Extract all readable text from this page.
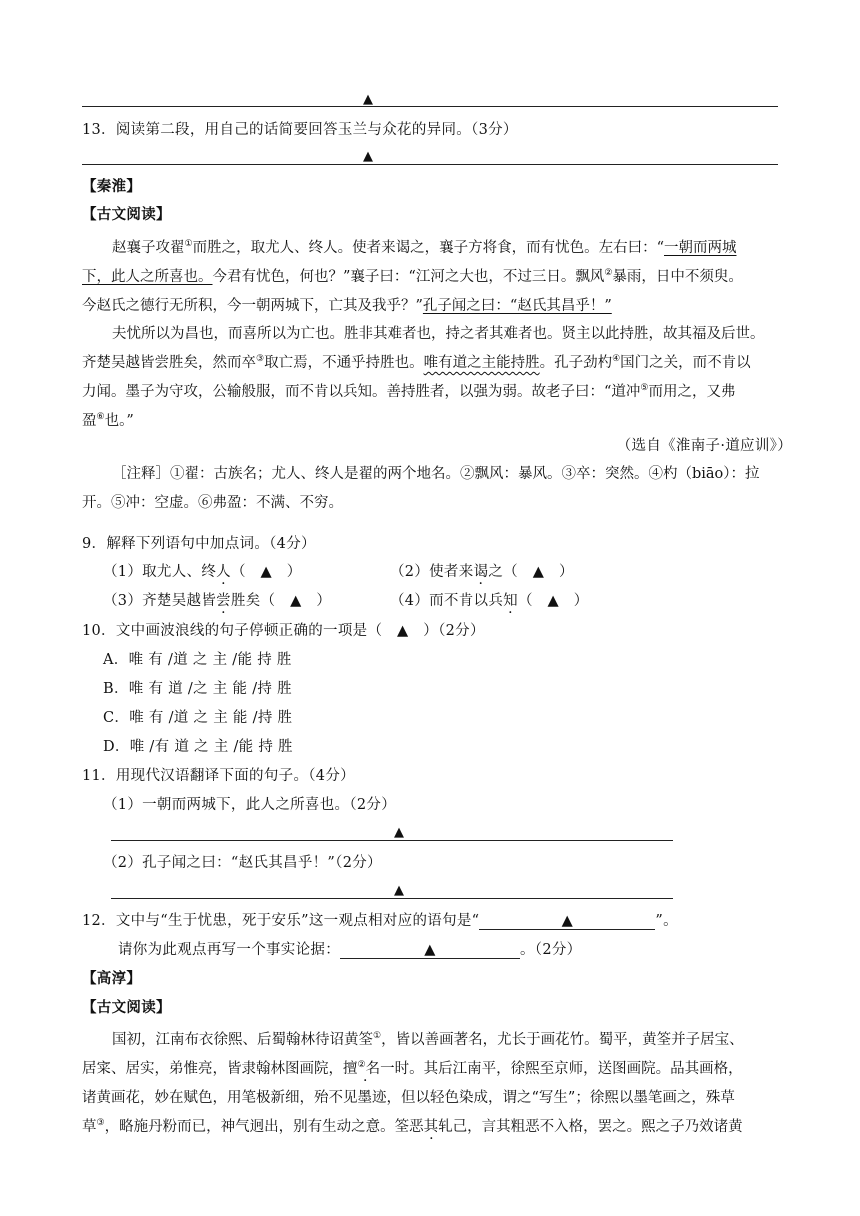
▲
13．阅读第二段，用自己的话简要回答玉兰与众花的异同。（3分）
▲
【秦淮】
【古文阅读】

赵襄子攻翟①而胜之，取尤人、终人。使者来谒之，襄子方将食，而有忧色。左右曰：“一朝而两城
下，此人之所喜也。今君有忧色，何也？”襄子曰：“江河之大也，不过三日。飘风②暴雨，日中不须臾。
今赵氏之德行无所积，今一朝两城下，亡其及我乎？”孔子闻之曰：“赵氏其昌乎！”

夫忧所以为昌也，而喜所以为亡也。胜非其难者也，持之者其难者也。贤主以此持胜，故其福及后世。
齐楚吴越皆尝胜矣，然而卒③取亡焉，不通乎持胜也。唯有道之主能持胜。孔子劲杓④国门之关，而不肯以
力闻。墨子为守攻，公输般服，而不肯以兵知。善持胜者，以强为弱。故老子曰：“道冲⑤而用之，又弗
盈⑥也。”

（选自《淮南子·道应训》）

［注释］①翟：古族名；尤人、终人是翟的两个地名。②飘风：暴风。③卒：突然。④杓（biāo）：拉
开。⑤冲：空虚。⑥弗盈：不满、不穷。

9．解释下列语句中加点词。（4分）
（1）取尤人、终人（　▲　）	（2）使者来谒之（　▲　）
（3）齐楚吴越皆尝胜矣（　▲　）	（4）而不肯以兵知（　▲　）
10．文中画波浪线的句子停顿正确的一项是（　▲　）（2分）
A．唯 有 /道 之 主 /能 持 胜
B．唯 有 道 /之 主 能 /持 胜
C．唯 有 /道 之 主 能 /持 胜
D．唯 /有 道 之 主 /能 持 胜
11．用现代汉语翻译下面的句子。（4分）
（1）一朝而两城下，此人之所喜也。（2分）
▲
（2）孔子闻之曰：“赵氏其昌乎！”（2分）
▲
12．文中与“生于忧患，死于安乐”这一观点相对应的语句是“	▲	”。
请你为此观点再写一个事实论据：	▲	。（2分）
【高淳】
【古文阅读】

国初，江南布衣徐熙、后蜀翰林待诏黄筌①，皆以善画著名，尤长于画花竹。蜀平，黄筌并子居宝、
居寀、居实，弟惟亮，皆隶翰林图画院，擅②名一时。其后江南平，徐熙至京师，送图画院。品其画格，
诸黄画花，妙在赋色，用笔极新细，殆不见墨迹，但以轻色染成，谓之“写生”；徐熙以墨笔画之，殊草
草③，略施丹粉而已，神气迥出，别有生动之意。筌恶其轧己，言其粗恶不入格，罢之。熙之子乃效诸黄
